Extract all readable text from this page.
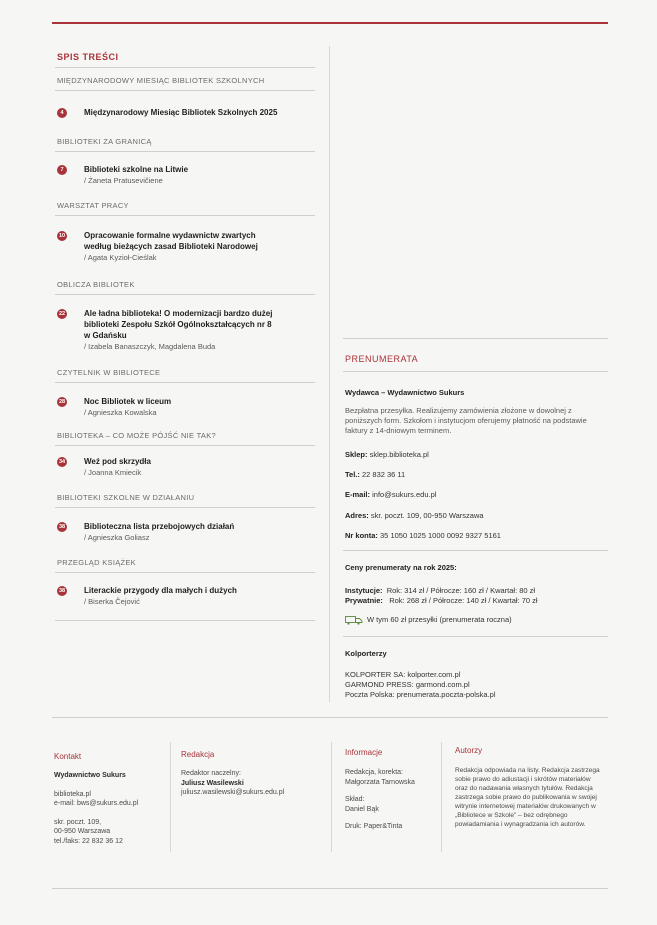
SPIS TREŚCI
MIĘDZYNARODOWY MIESIĄC BIBLIOTEK SZKOLNYCH
4	Międzynarodowy Miesiąc Bibliotek Szkolnych 2025
BIBLIOTEKI ZA GRANICĄ
7	Biblioteki szkolne na Litwie
/ Żaneta Pratusevičiene
WARSZTAT PRACY
10 Opracowanie formalne wydawnictw zwartych
według bieżących zasad Biblioteki Narodowej
/ Agata Kyzioł-Cieślak
OBLICZA BIBLIOTEK
22 Ale ładna biblioteka! O modernizacji bardzo dużej
biblioteki Zespołu Szkół Ogólnokształcących nr 8
w Gdańsku
/ Izabela Banaszczyk, Magdalena Buda
CZYTELNIK W BIBLIOTECE
28 Noc Bibliotek w liceum
/ Agnieszka Kowalska
BIBLIOTEKA – CO MOŻE PÓJŚĆ NIE TAK?
34 Weź pod skrzydła
/ Joanna Kmiecik
BIBLIOTEKI SZKOLNE W DZIAŁANIU
38 Biblioteczna lista przebojowych działań
/ Agnieszka Goliasz
PRZEGLĄD KSIĄŻEK
38 Literackie przygody dla małych i dużych
/ Biserka Čejović
PRENUMERATA
Wydawca – Wydawnictwo Sukurs
Bezpłatna przesyłka. Realizujemy zamówienia złożone w dowolnej z poniższych form. Szkołom i instytucjom oferujemy płatność na podstawie faktury z 14-dniowym terminem.
Sklep: sklep.biblioteka.pl
Tel.: 22 832 36 11
E-mail: info@sukurs.edu.pl
Adres: skr. poczt. 109, 00-950 Warszawa
Nr konta: 35 1050 1025 1000 0092 9327 5161
Ceny prenumeraty na rok 2025:
Instytucje: Rok: 314 zł / Półrocze: 160 zł / Kwartał: 80 zł
Prywatnie: Rok: 268 zł / Półrocze: 140 zł / Kwartał: 70 zł
W tym 60 zł przesyłki (prenumerata roczna)
Kolporterzy
KOLPORTER SA: kolporter.com.pl
GARMOND PRESS: garmond.com.pl
Poczta Polska: prenumerata.poczta-polska.pl
Kontakt
Wydawnictwo Sukurs
biblioteka.pl
e-mail: bws@sukurs.edu.pl
skr. poczt. 109,
00-950 Warszawa
tel./faks: 22 832 36 12
Redakcja
Redaktor naczelny:
Juliusz Wasilewski
juliusz.wasilewski@sukurs.edu.pl
Informacje
Redakcja, korekta:
Małgorzata Tarnowska
Skład:
Daniel Bąk
Druk: Paper&Tinta
Autorzy
Redakcja odpowiada na listy. Redakcja zastrzega sobie prawo do adiustacji i skrótów materiałów oraz do nadawania własnych tytułów. Redakcja zastrzega sobie prawo do publikowania w swojej witrynie internetowej materiałów drukowanych w „Bibliotece w Szkole” – bez odrębnego powiadamiania i wynagradzania ich autorów.
